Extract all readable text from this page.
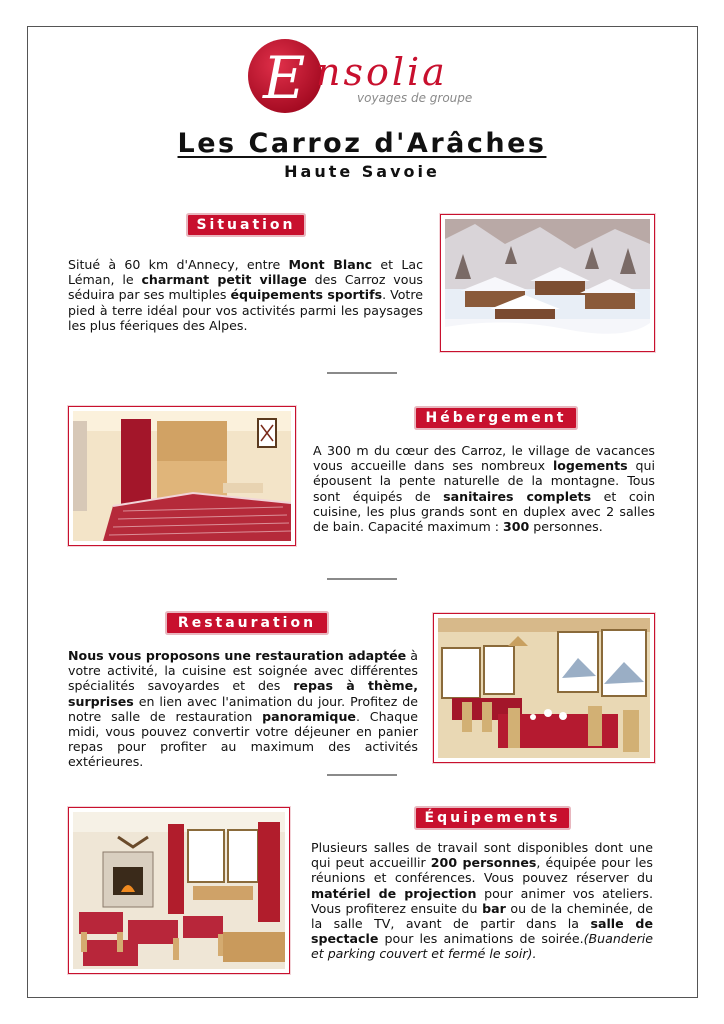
E nsolia
voyages de groupe
Les Carroz d'Arâches
Haute Savoie
Situation
Situé à 60 km d'Annecy, entre Mont Blanc et Lac Léman, le charmant petit village des Carroz vous séduira par ses multiples équipements sportifs. Votre pied à terre idéal pour vos activités parmi les paysages les plus féeriques des Alpes.
Hébergement
A 300 m du cœur des Carroz, le village de vacances vous accueille dans ses nombreux logements qui épousent la pente naturelle de la montagne. Tous sont équipés de sanitaires complets et coin cuisine, les plus grands sont en duplex avec 2 salles de bain. Capacité maximum : 300 personnes.
Restauration
Nous vous proposons une restauration adaptée à votre activité, la cuisine est soignée avec différentes spécialités savoyardes et des repas à thème, surprises en lien avec l'animation du jour. Profitez de notre salle de restauration panoramique. Chaque midi, vous pouvez convertir votre déjeuner en panier repas pour profiter au maximum des activités extérieures.
Équipements
Plusieurs salles de travail sont disponibles dont une qui peut accueillir 200 personnes, équipée pour les réunions et conférences. Vous pouvez réserver du matériel de projection pour animer vos ateliers. Vous profiterez ensuite du bar ou de la cheminée, de la salle TV, avant de partir dans la salle de spectacle pour les animations de soirée.(Buanderie et parking couvert et fermé le soir).
